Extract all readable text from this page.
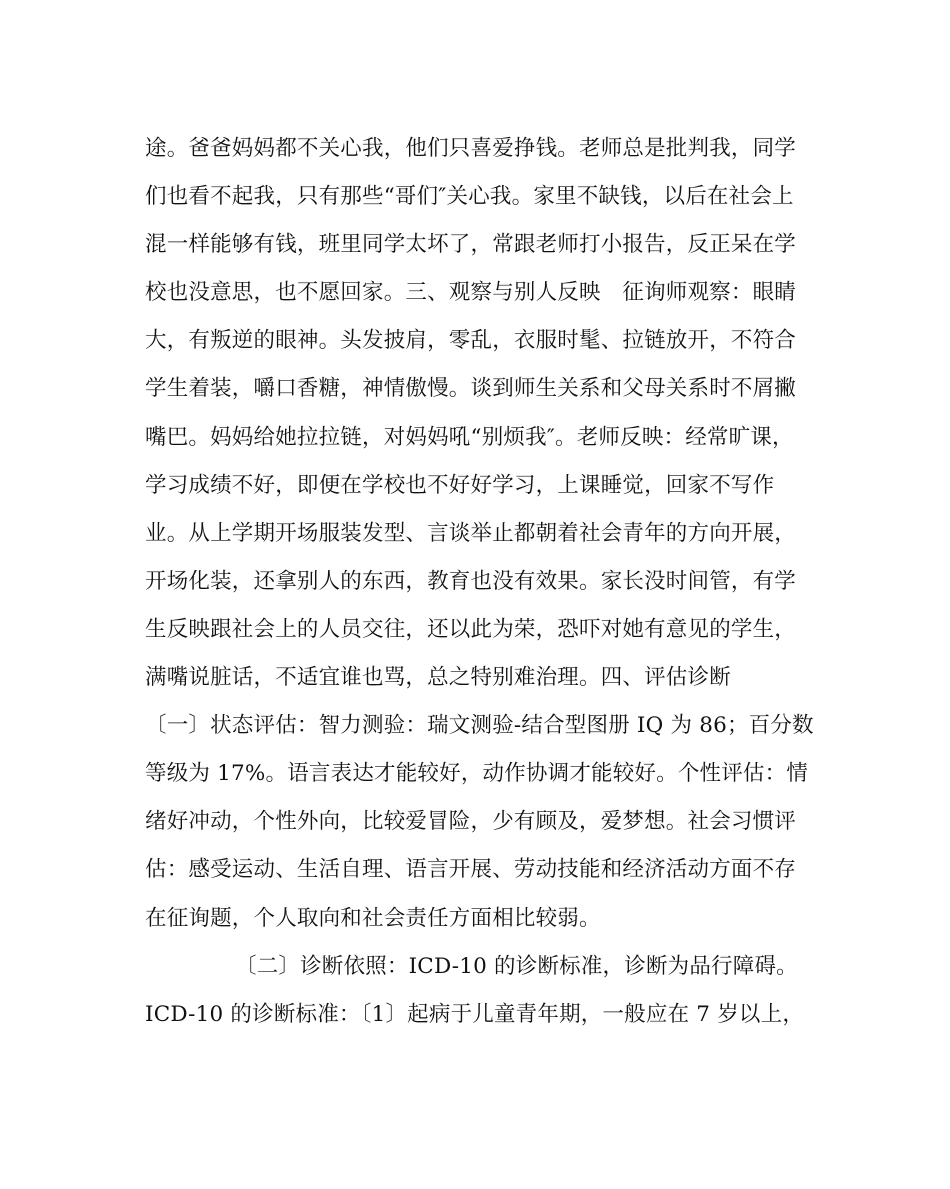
途。爸爸妈妈都不关心我，他们只喜爱挣钱。老师总是批判我，同学
们也看不起我，只有那些“哥们″关心我。家里不缺钱，以后在社会上
混一样能够有钱，班里同学太坏了，常跟老师打小报告，反正呆在学
校也没意思，也不愿回家。三、观察与别人反映　征询师观察：眼睛
大，有叛逆的眼神。头发披肩，零乱，衣服时髦、拉链放开，不符合
学生着装，嚼口香糖，神情傲慢。谈到师生关系和父母关系时不屑撇
嘴巴。妈妈给她拉拉链，对妈妈吼“别烦我″。老师反映：经常旷课，
学习成绩不好，即便在学校也不好好学习，上课睡觉，回家不写作
业。从上学期开场服装发型、言谈举止都朝着社会青年的方向开展，
开场化装，还拿别人的东西，教育也没有效果。家长没时间管，有学
生反映跟社会上的人员交往，还以此为荣，恐吓对她有意见的学生，
满嘴说脏话，不适宜谁也骂，总之特别难治理。四、评估诊断
〔一〕状态评估：智力测验：瑞文测验-结合型图册 IQ 为 86；百分数
等级为 17%。语言表达才能较好，动作协调才能较好。个性评估：情
绪好冲动，个性外向，比较爱冒险，少有顾及，爱梦想。社会习惯评
估：感受运动、生活自理、语言开展、劳动技能和经济活动方面不存
在征询题，个人取向和社会责任方面相比较弱。
〔二〕诊断依照：ICD-10 的诊断标准，诊断为品行障碍。
ICD-10 的诊断标准：〔1〕起病于儿童青年期，一般应在 7 岁以上，
